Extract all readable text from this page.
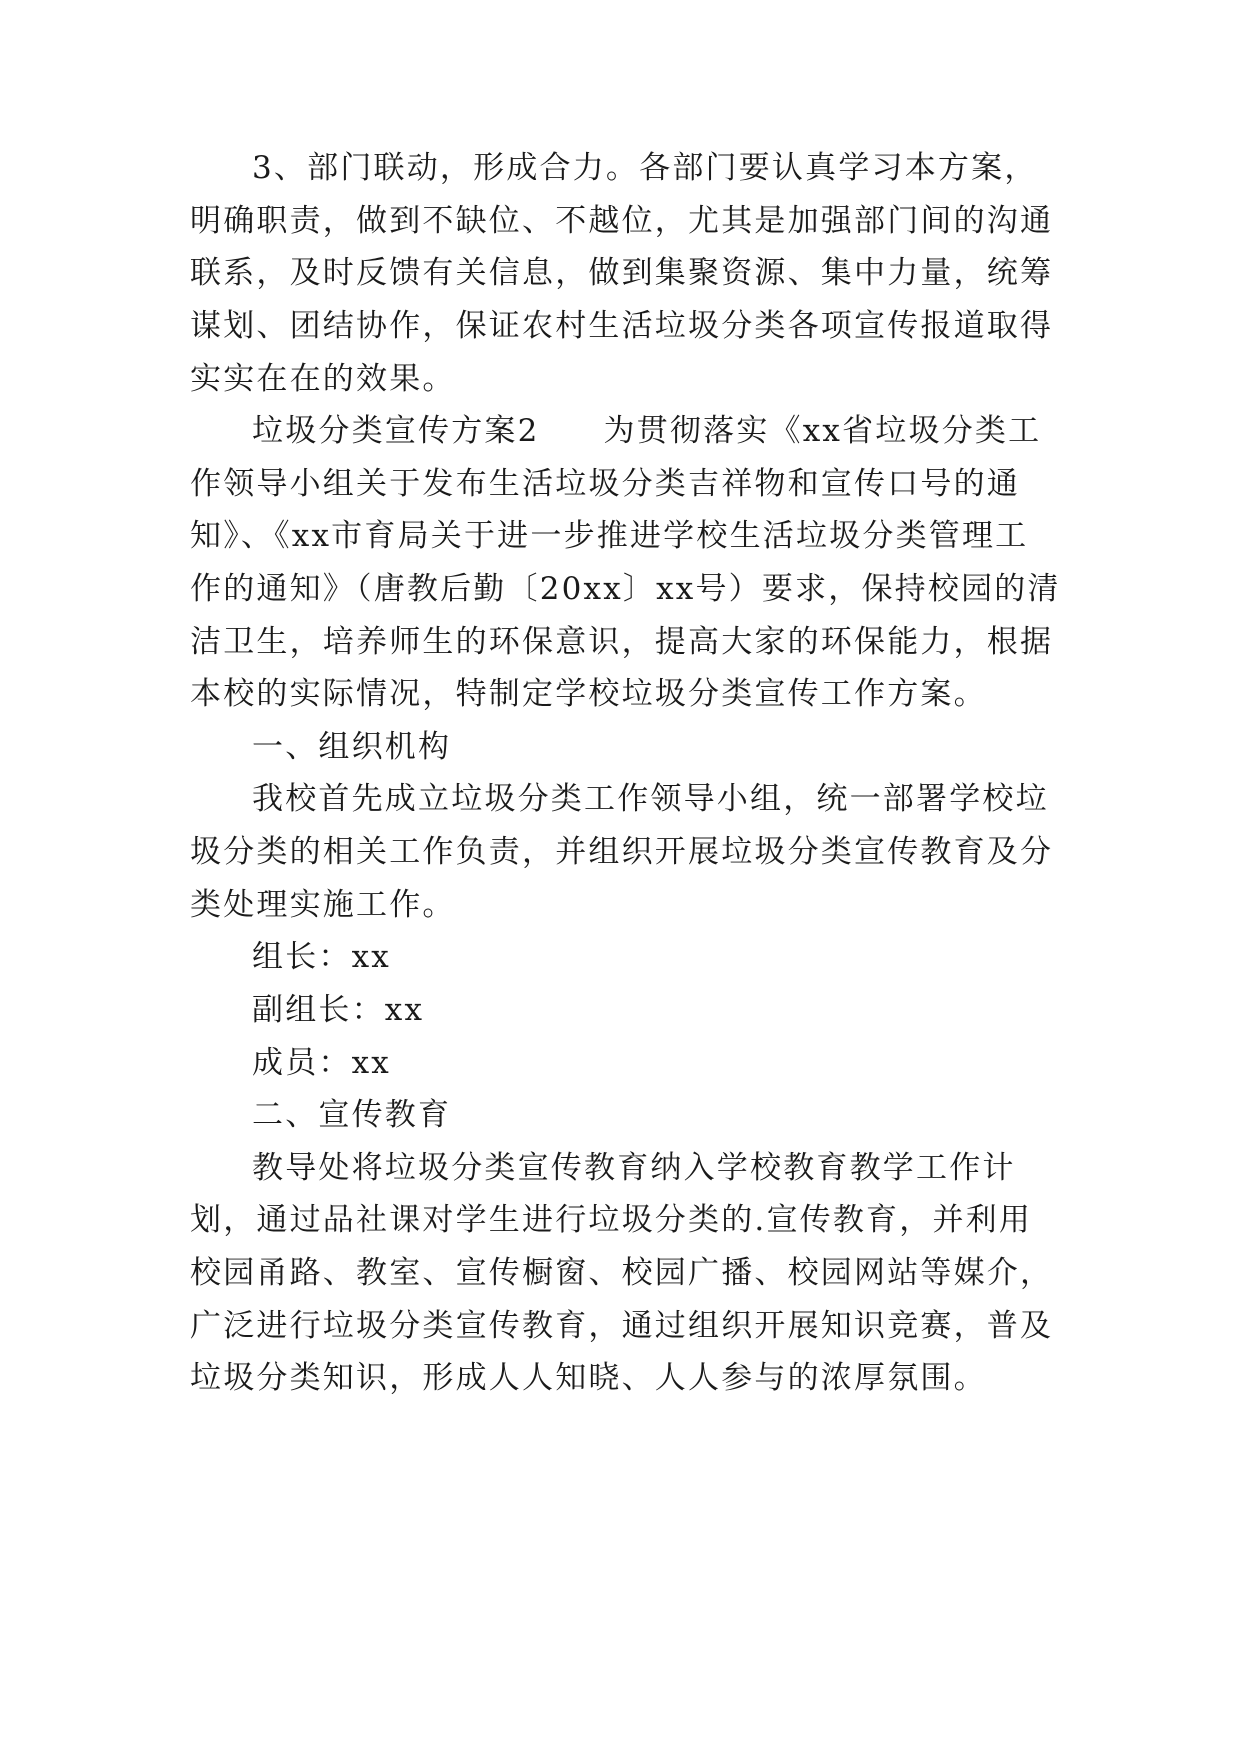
3、部门联动，形成合力。各部门要认真学习本方案，
明确职责，做到不缺位、不越位，尤其是加强部门间的沟通
联系，及时反馈有关信息，做到集聚资源、集中力量，统筹
谋划、团结协作，保证农村生活垃圾分类各项宣传报道取得
实实在在的效果。
垃圾分类宣传方案2 为贯彻落实《xx省垃圾分类工
作领导小组关于发布生活垃圾分类吉祥物和宣传口号的通
知》、《xx市育局关于进一步推进学校生活垃圾分类管理工
作的通知》（唐教后勤〔20xx〕xx号）要求，保持校园的清
洁卫生，培养师生的环保意识，提高大家的环保能力，根据
本校的实际情况，特制定学校垃圾分类宣传工作方案。
一、组织机构
我校首先成立垃圾分类工作领导小组，统一部署学校垃
圾分类的相关工作负责，并组织开展垃圾分类宣传教育及分
类处理实施工作。
组长：xx
副组长：xx
成员：xx
二、宣传教育
教导处将垃圾分类宣传教育纳入学校教育教学工作计
划，通过品社课对学生进行垃圾分类的.宣传教育，并利用
校园甬路、教室、宣传橱窗、校园广播、校园网站等媒介，
广泛进行垃圾分类宣传教育，通过组织开展知识竞赛，普及
垃圾分类知识，形成人人知晓、人人参与的浓厚氛围。
